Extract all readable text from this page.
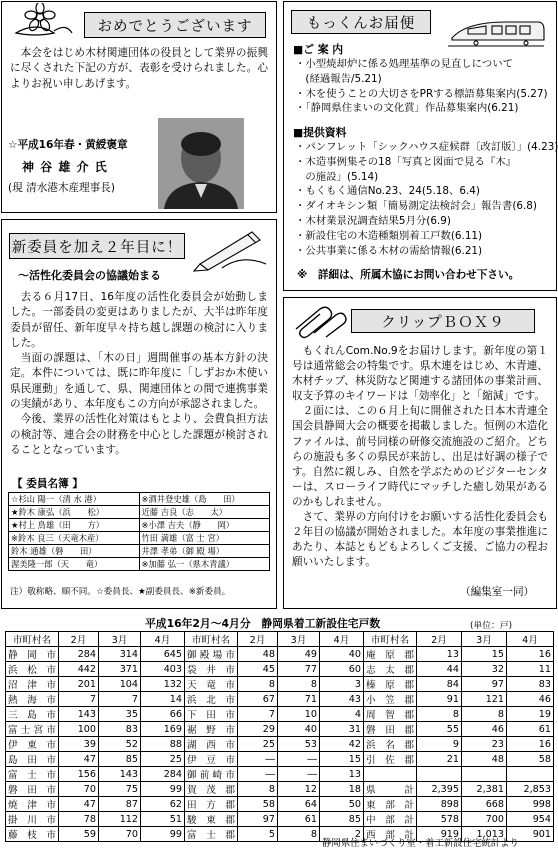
おめでとうございます

本会をはじめ木材関連団体の役員として業界の振興に尽くされた下記の方が、表彰を受けられました。心よりお祝い申しあげます。

☆平成16年春・黄綬褒章
神 谷 雄 介 氏
(現 清水港木産理事長)
もっくんお届便
■ご 案 内
・小型焼却炉に係る処理基準の見直しについて
　(経過報告/5.21)
・木を使うことの大切さをPRする標語募集案内(5.27)
・「静岡県住まいの文化賞」作品募集案内(6.21)
■提供資料
・パンフレット「シックハウス症候群〔改訂版〕」(4.23)
・木造事例集その18「写真と図面で見る『木』
　の施設」(5.14)
・もくもく通信No.23、24(5.18、6.4)
・ダイオキシン類「簡易測定法検討会」報告書(6.8)
・木材業景況調査結果5月分(6.9)
・新設住宅の木造種類別着工戸数(6.11)
・公共事業に係る木材の需給情報(6.21)
※　詳細は、所属木協にお問い合わせ下さい。
新委員を加え２年目に！
～活性化委員会の協議始まる

去る６月17日、16年度の活性化委員会が始動しました。一部委員の変更はありましたが、大半は昨年度委員が留任、新年度早々持ち越し課題の検討に入りました。

当面の課題は、「木の日」週間催事の基本方針の決定。本件については、既に昨年度に「しずおか木使い県民運動」を通して、県、関連団体との間で連携事業の実績があり、本年度もこの方向が承認されました。

今後、業界の活性化対策はもとより、会費負担方法の検討等、連合会の財務を中心とした課題が検討されることとなっています。

【 委員名簿 】
☆杉山 陽一（清 水 港）	※酒井登史雄（島　　田）
★鈴木 康弘（浜　　松）	近藤 吉良（志　　太）
★村上 鳥雄（田　　方）	※小澤 吉夫（静　　岡）
※鈴木 良三（天竜木産）	竹田 満雄（富 士 宮）
鈴木 通雄（磐　　田）	井澤 孝弟（御 殿 場）
渥美隆一郎（天　　竜）	※加藤 弘一（県木青議）
注）敬称略、順不同。☆委員長、★副委員長、※新委員。
クリップＢＯＸ９

もくれんCom.No.9をお届けします。新年度の第１号は通常総会の特集です。県木連をはじめ、木青連、木材チップ、林災防など関連する諸団体の事業計画、収支予算のキイワードは「効率化」と「縮減」です。

２面には、この６月上旬に開催された日本木青連全国会員静岡大会の概要を掲載しました。恒例の木造化ファイルは、前号同様の研修交流施設のご紹介。どちらの施設も多くの県民が来訪し、出足は好調の様子です。自然に親しみ、自然を学ぶためのビジターセンターは、スローライフ時代にマッチした癒し効果があるのかもしれません。

さて、業界の方向付けをお願いする活性化委員会も２年目の協議が開始されました。本年度の事業推進にあたり、本誌ともどもよろしくご支援、ご協力の程お願いいたします。

（編集室一同）
平成16年2月～4月分　静岡県着工新設住宅戸数	(単位：戸)
市町村名	2月	3月	4月	市町村名	2月	3月	4月	市町村名	2月	3月	4月
静 岡 市	284	314	645	御殿場市	48	49	40	庵 原 郡	13	15	16
浜 松 市	442	371	403	袋 井 市	45	77	60	志 太 郡	44	32	11
沼 津 市	201	104	132	天 竜 市	8	8	3	榛 原 郡	84	97	83
熱 海 市	7	7	14	浜 北 市	67	71	43	小 笠 郡	91	121	46
三 島 市	143	35	66	下 田 市	7	10	4	周 智 郡	8	8	19
富士宮市	100	83	169	裾 野 市	29	40	31	磐 田 郡	55	46	61
伊 東 市	39	52	88	湖 西 市	25	53	42	浜 名 郡	9	23	16
島 田 市	47	85	25	伊 豆 市	―	―	15	引 佐 郡	21	48	58
富 士 市	156	143	284	御前崎市	―	―	13				
磐 田 市	70	75	99	賀 茂 郡	8	12	18	県　　計	2,395	2,381	2,853
焼 津 市	47	87	62	田 方 郡	58	64	50	東 部 計	898	668	998
掛 川 市	78	112	51	駿 東 郡	97	61	85	中 部 計	578	700	954
藤 枝 市	59	70	99	富 士 郡	5	8	2	西 部 計	919	1,013	901
静岡県住まいづくり室・着工新設住宅統計より
